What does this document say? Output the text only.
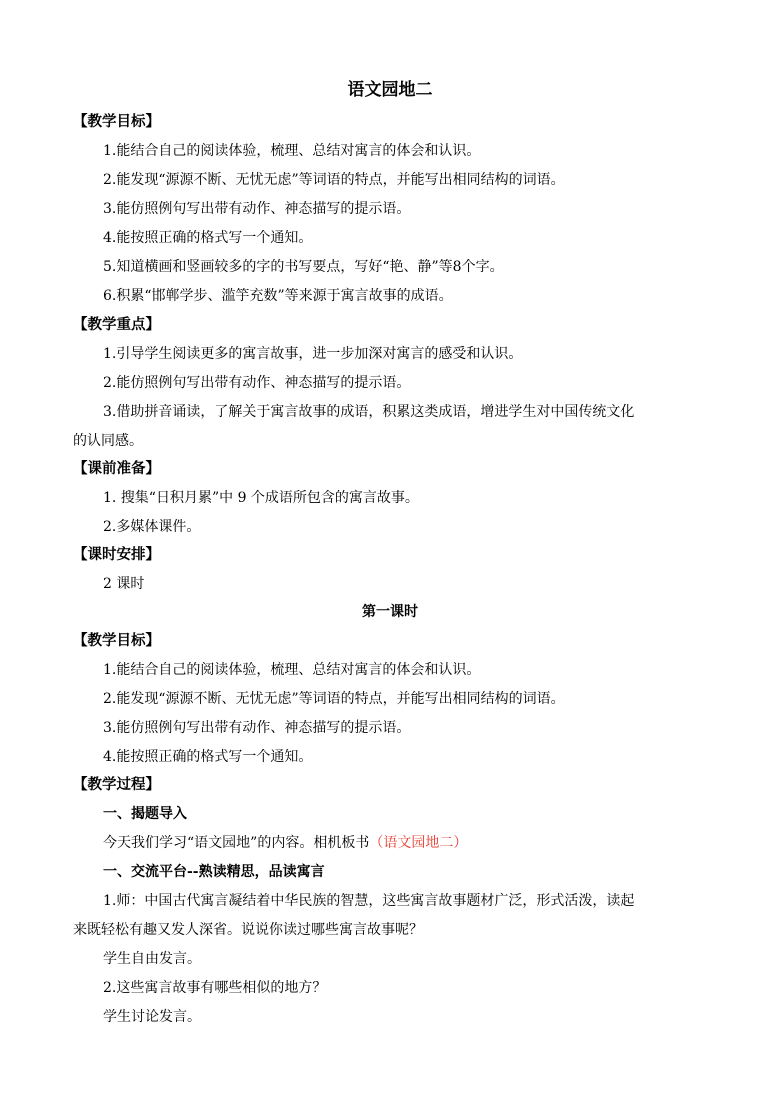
语文园地二
【教学目标】
1.能结合自己的阅读体验，梳理、总结对寓言的体会和认识。
2.能发现“源源不断、无忧无虑”等词语的特点，并能写出相同结构的词语。
3.能仿照例句写出带有动作、神态描写的提示语。
4.能按照正确的格式写一个通知。
5.知道横画和竖画较多的字的书写要点，写好“艳、静”等8个字。
6.积累“邯郸学步、滥竽充数”等来源于寓言故事的成语。
【教学重点】
1.引导学生阅读更多的寓言故事，进一步加深对寓言的感受和认识。
2.能仿照例句写出带有动作、神态描写的提示语。
3.借助拼音诵读，了解关于寓言故事的成语，积累这类成语，增进学生对中国传统文化
的认同感。
【课前准备】
1. 搜集“日积月累”中 9 个成语所包含的寓言故事。
2.多媒体课件。
【课时安排】
2 课时
第一课时
【教学目标】
1.能结合自己的阅读体验，梳理、总结对寓言的体会和认识。
2.能发现“源源不断、无忧无虑”等词语的特点，并能写出相同结构的词语。
3.能仿照例句写出带有动作、神态描写的提示语。
4.能按照正确的格式写一个通知。
【教学过程】
一、揭题导入
今天我们学习“语文园地”的内容。相机板书（语文园地二）
一、交流平台--熟读精思，品读寓言
1.师：中国古代寓言凝结着中华民族的智慧，这些寓言故事题材广泛，形式活泼，读起
来既轻松有趣又发人深省。说说你读过哪些寓言故事呢？
学生自由发言。
2.这些寓言故事有哪些相似的地方？
学生讨论发言。
